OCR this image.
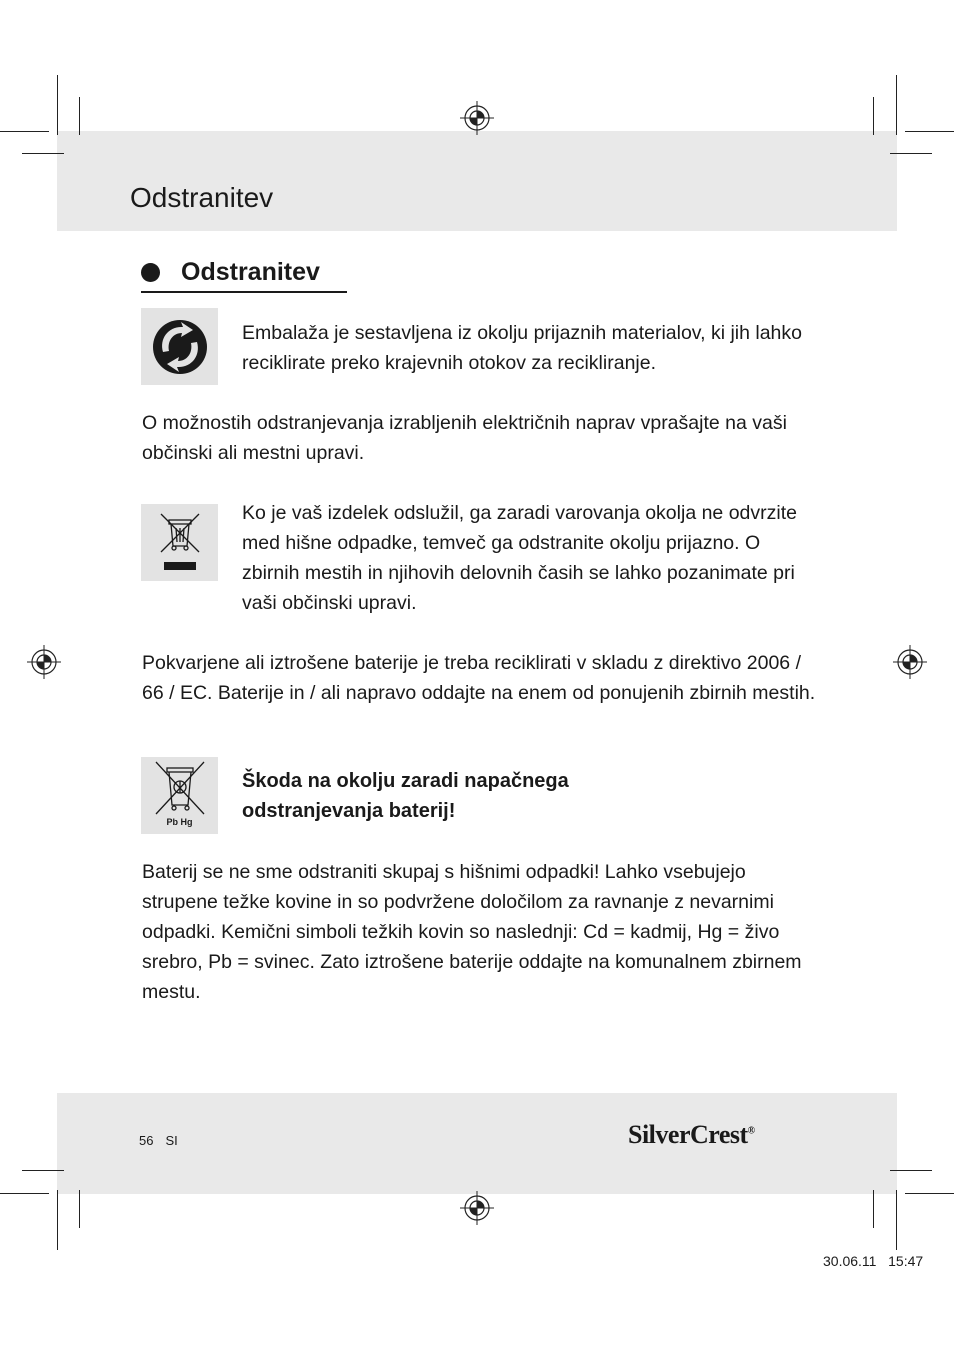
Odstranitev
Odstranitev
Embalaža je sestavljena iz okolju prijaznih materialov, ki jih lahko reciklirate preko krajevnih otokov za recikliranje.
O možnostih odstranjevanja izrabljenih električnih naprav vprašajte na vaši občinski ali mestni upravi.
Ko je vaš izdelek odslužil, ga zaradi varovanja okolja ne odvrzite med hišne odpadke, temveč ga odstranite okolju prijazno. O zbirnih mestih in njihovih delovnih časih se lahko pozanimate pri vaši občinski upravi.
Pokvarjene ali iztrošene baterije je treba reciklirati v skladu z direktivo 2006 / 66 / EC. Baterije in / ali napravo oddajte na enem od ponujenih zbirnih mestih.
Pb Hg
Škoda na okolju zaradi napačnega odstranjevanja baterij!
Baterij se ne sme odstraniti skupaj s hišnimi odpadki! Lahko vsebujejo strupene težke kovine in so podvržene določilom za ravnanje z nevarnimi odpadki. Kemični simboli težkih kovin so naslednji: Cd = kadmij, Hg = živo srebro, Pb = svinec. Zato iztrošene baterije oddajte na komunalnem zbirnem mestu.
56 SI	SilverCrest®
30.06.11 15:47
